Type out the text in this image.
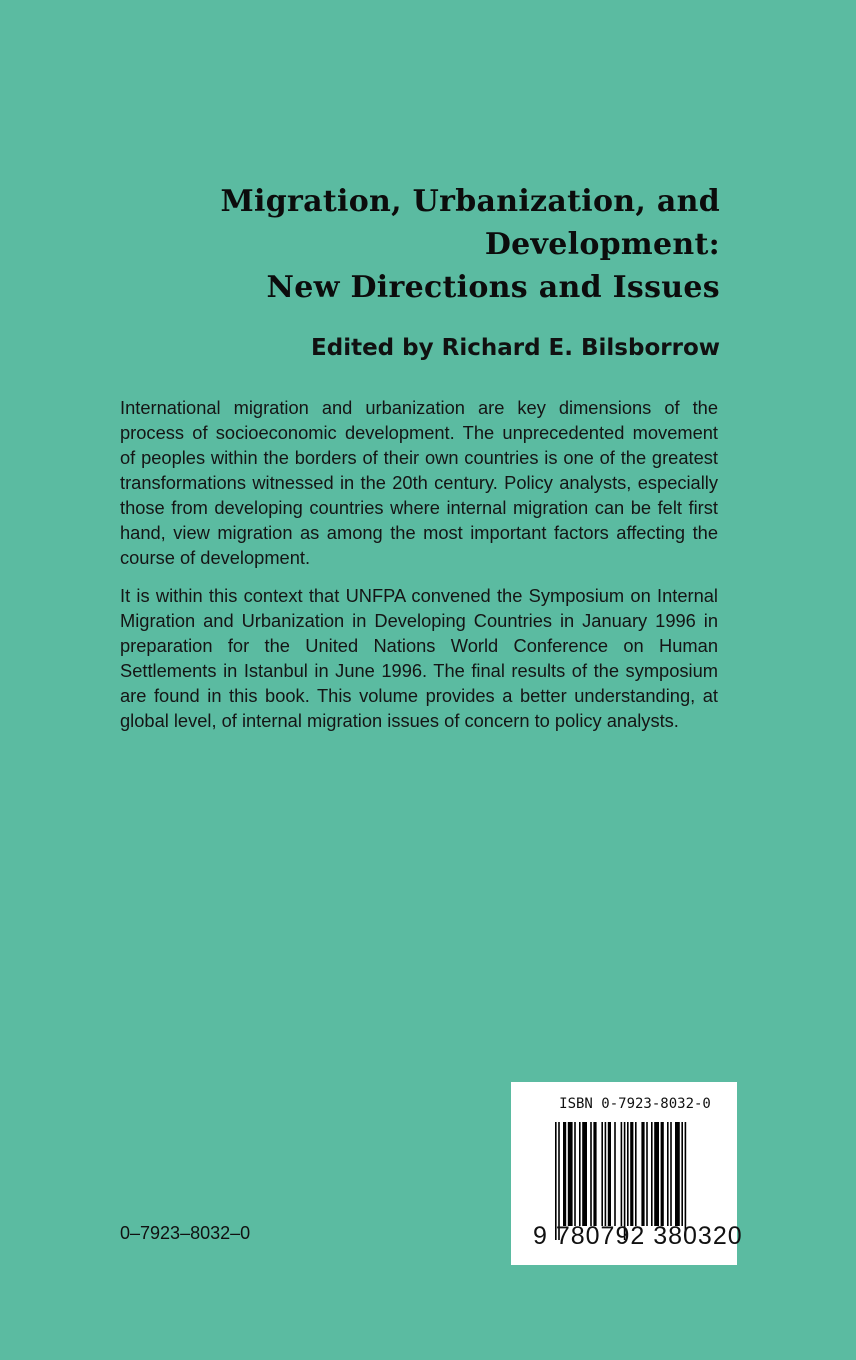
Migration, Urbanization, and
Development:
New Directions and Issues
Edited by Richard E. Bilsborrow
International migration and urbanization are key dimensions of the process of socioeconomic development. The unprecedented movement of peoples within the borders of their own countries is one of the greatest transformations witnessed in the 20th century. Policy analysts, especially those from developing countries where internal migration can be felt first hand, view migration as among the most important factors affecting the course of development.
It is within this context that UNFPA convened the Symposium on Internal Migration and Urbanization in Developing Countries in January 1996 in preparation for the United Nations World Conference on Human Settlements in Istanbul in June 1996. The final results of the symposium are found in this book. This volume provides a better understanding, at global level, of internal migration issues of concern to policy analysts.
0–7923–8032–0
ISBN 0-7923-8032-0
9 780792 380320
